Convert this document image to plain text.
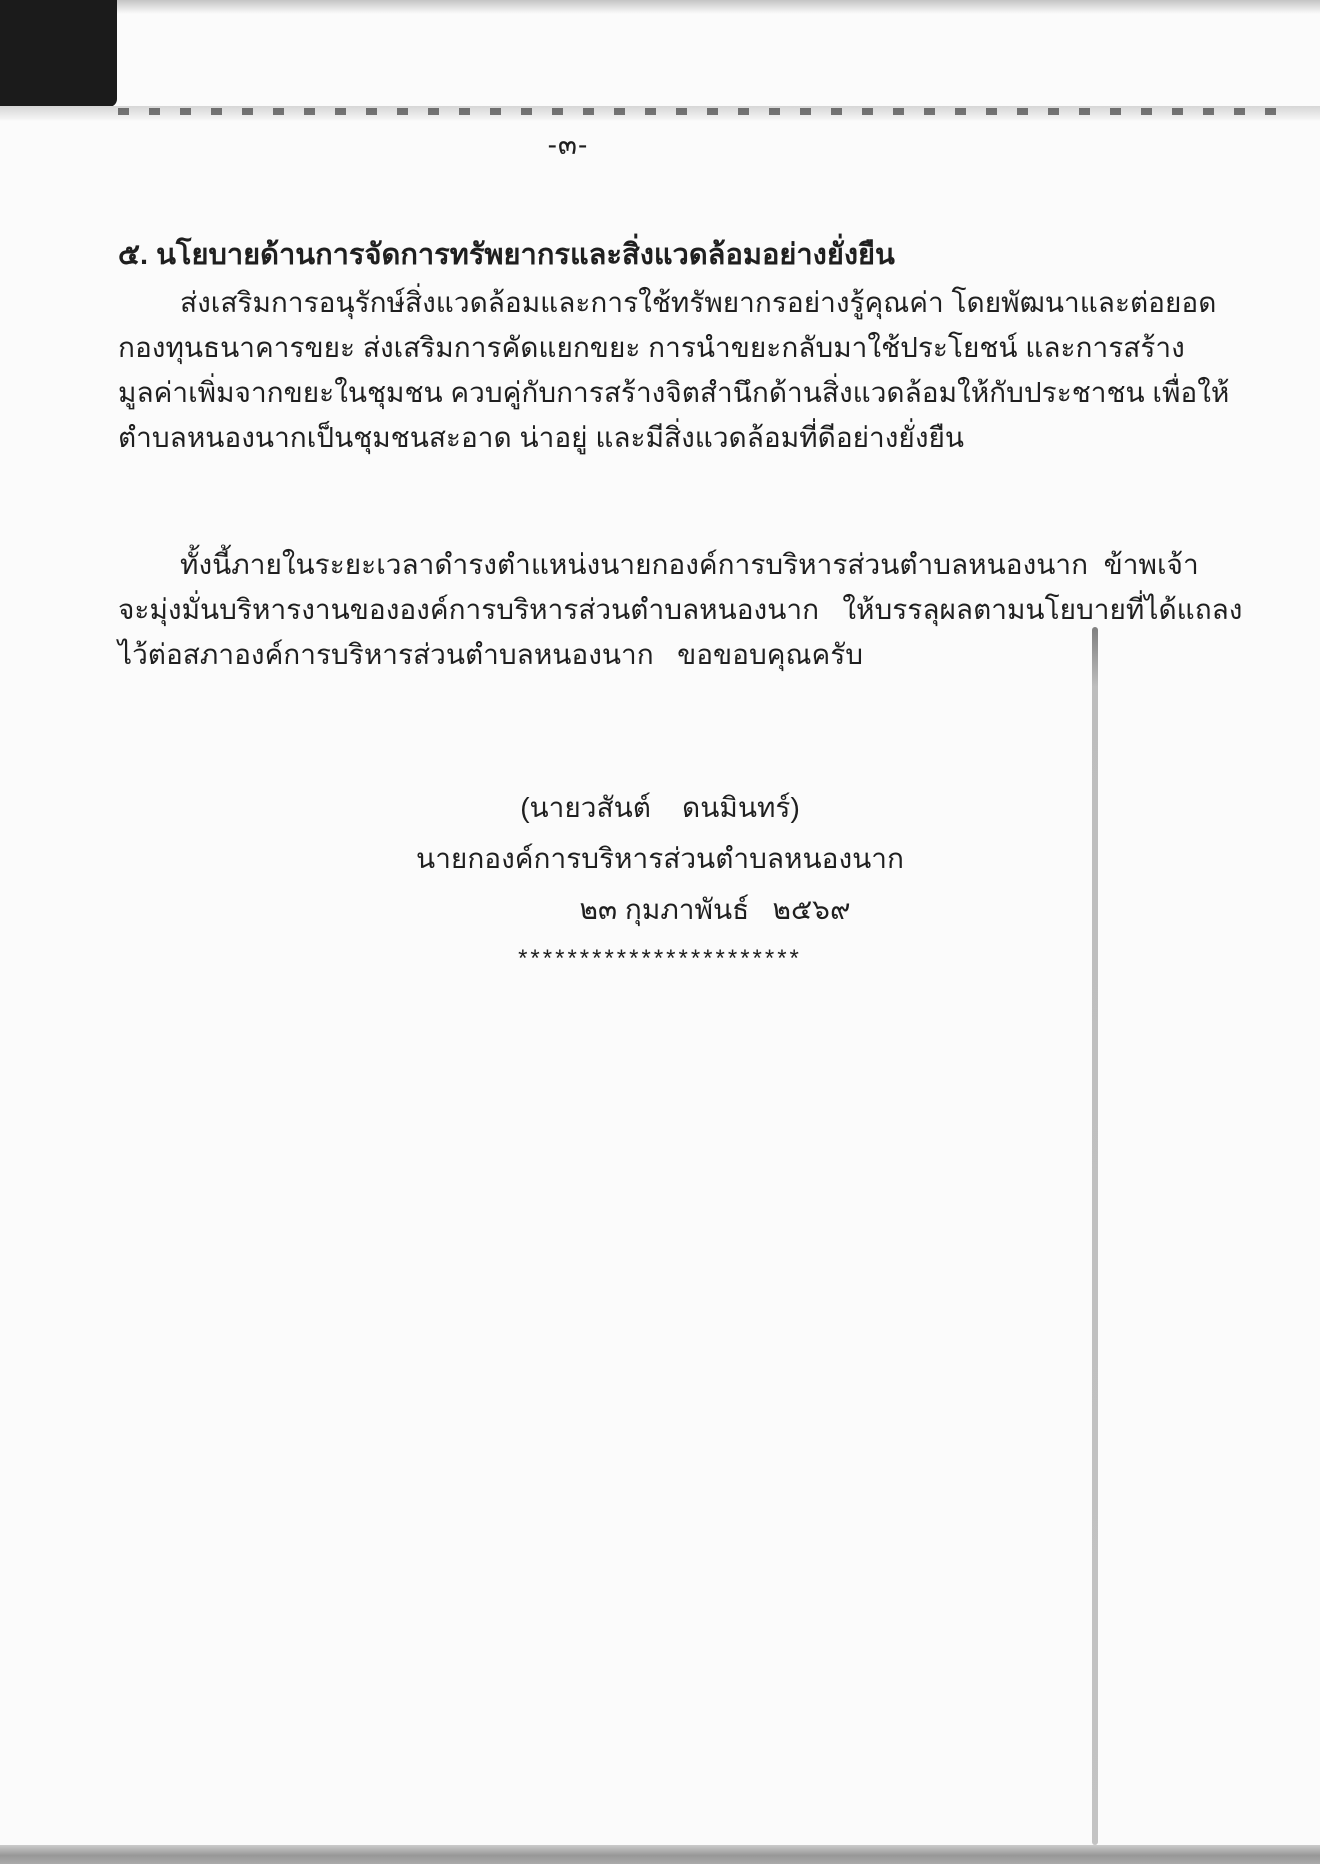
-๓-
๕. นโยบายด้านการจัดการทรัพยากรและสิ่งแวดล้อมอย่างยั่งยืน
ส่งเสริมการอนุรักษ์สิ่งแวดล้อมและการใช้ทรัพยากรอย่างรู้คุณค่า โดยพัฒนาและต่อยอด
กองทุนธนาคารขยะ ส่งเสริมการคัดแยกขยะ การนำขยะกลับมาใช้ประโยชน์ และการสร้าง
มูลค่าเพิ่มจากขยะในชุมชน ควบคู่กับการสร้างจิตสำนึกด้านสิ่งแวดล้อมให้กับประชาชน เพื่อให้
ตำบลหนองนากเป็นชุมชนสะอาด น่าอยู่ และมีสิ่งแวดล้อมที่ดีอย่างยั่งยืน
ทั้งนี้ภายในระยะเวลาดำรงตำแหน่งนายกองค์การบริหารส่วนตำบลหนองนาก  ข้าพเจ้า
จะมุ่งมั่นบริหารงานขององค์การบริหารส่วนตำบลหนองนาก   ให้บรรลุผลตามนโยบายที่ได้แถลง
ไว้ต่อสภาองค์การบริหารส่วนตำบลหนองนาก   ขอขอบคุณครับ
(นายวสันต์    ดนมินทร์)
นายกองค์การบริหารส่วนตำบลหนองนาก
๒๓ กุมภาพันธ์   ๒๕๖๙
***********************
